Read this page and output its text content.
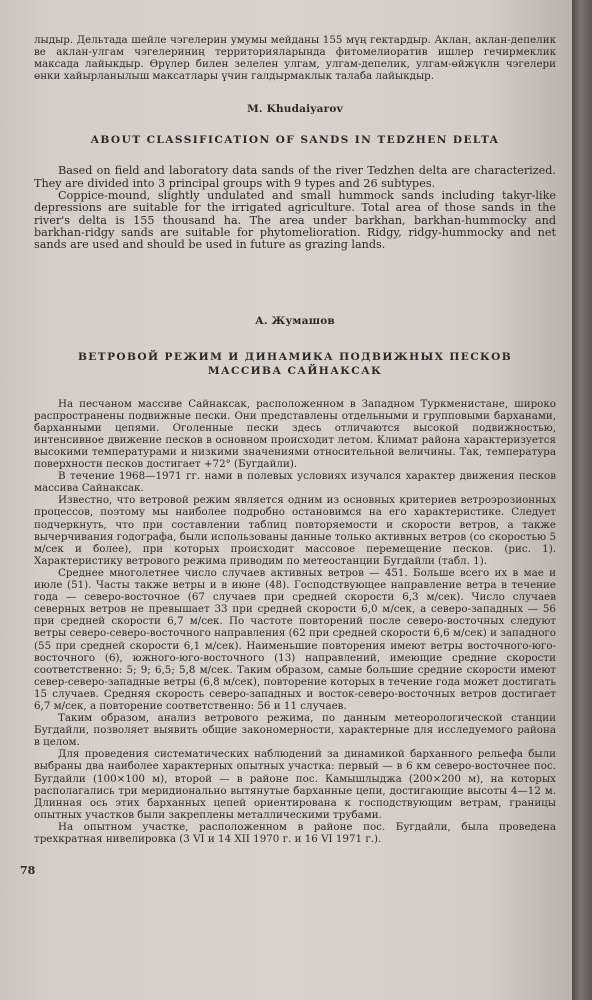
лыдыр. Дельтада шейле чэгелерин умумы мейданы 155 мүң гектардыр. Аклан, аклан-депелик ве аклан-улгам чэгелериниң территорияларында фитомелиоратив ишлер гечирмеклик максада лайыкдыр. Өрүлер билен зелелен улгам, улгам-депелик, улгам-өйжүклн чэгелери өнки хайырланылыш максатлары үчин галдырмаклык талаба лайыкдыр.

M. Khudaiyarov

ABOUT CLASSIFICATION OF SANDS IN TEDZHEN DELTA

Based on field and laboratory data sands of the river Tedzhen delta are characterized. They are divided into 3 principal groups with 9 types and 26 subtypes.

Coppice-mound, slightly undulated and small hummock sands including takyr-like depressions are suitable for the irrigated agriculture. Total area of those sands in the river's delta is 155 thousand ha. The area under barkhan, barkhan-hummocky and barkhan-ridgy sands are suitable for phytomelioration. Ridgy, ridgy-hummocky and net sands are used and should be used in future as grazing lands.

А. Жумашов

ВЕТРОВОЙ РЕЖИМ И ДИНАМИКА ПОДВИЖНЫХ ПЕСКОВ

МАССИВА САЙНАКСАК

На песчаном массиве Сайнаксак, расположенном в Западном Туркменистане, широко распространены подвижные пески. Они представлены отдельными и групповыми барханами, барханными цепями. Оголенные пески здесь отличаются высокой подвижностью, интенсивное движение песков в основном происходит летом. Климат района характеризуется высокими температурами и низкими значениями относительной величины. Так, температура поверхности песков достигает +72° (Бугдайли).

В течение 1968—1971 гг. нами в полевых условиях изучался характер движения песков массива Сайнаксак.

Известно, что ветровой режим является одним из основных критериев ветроэрозионных процессов, поэтому мы наиболее подробно остановимся на его характеристике. Следует подчеркнуть, что при составлении таблиц повторяемости и скорости ветров, а также вычерчивания годографа, были использованы данные только активных ветров (со скоростью 5 м/сек и более), при которых происходит массовое перемещение песков. (рис. 1). Характеристику ветрового режима приводим по метеостанции Бугдайли (табл. 1).

Среднее многолетнее число случаев активных ветров — 451. Больше всего их в мае и июле (51). Часты также ветры и в июне (48). Господствующее направление ветра в течение года — северо-восточное (67 случаев при средней скорости 6,3 м/сек). Число случаев северных ветров не превышает 33 при средней скорости 6,0 м/сек, а северо-западных — 56 при средней скорости 6,7 м/сек. По частоте повторений после северо-восточных следуют ветры северо-северо-восточного направления (62 при средней скорости 6,6 м/сек) и западного (55 при средней скорости 6,1 м/сек). Наименьшие повторения имеют ветры восточного-юго-восточного (6), южного-юго-восточного (13) направлений, имеющие средние скорости соответственно: 5; 9; 6,5; 5,8 м/сек. Таким образом, самые большие средние скорости имеют север-северо-западные ветры (6,8 м/сек), повторение которых в течение года может достигать 15 случаев. Средняя скорость северо-западных и восток-северо-восточных ветров достигает 6,7 м/сек, а повторение соответственно: 56 и 11 случаев.

Таким образом, анализ ветрового режима, по данным метеорологической станции Бугдайли, позволяет выявить общие закономерности, характерные для исследуемого района в целом.

Для проведения систематических наблюдений за динамикой барханного рельефа были выбраны два наиболее характерных опытных участка: первый — в 6 км северо-восточнее пос. Бугдайли (100×100 м), второй — в районе пос. Камышлыджа (200×200 м), на которых располагались три меридионально вытянутые барханные цепи, достигающие высоты 4—12 м. Длинная ось этих барханных цепей ориентирована к господствующим ветрам, границы опытных участков были закреплены металлическими трубами.

На опытном участке, расположенном в районе пос. Бугдайли, была проведена трехкратная нивелировка (3 VI и 14 XII 1970 г. и 16 VI 1971 г.).

78
